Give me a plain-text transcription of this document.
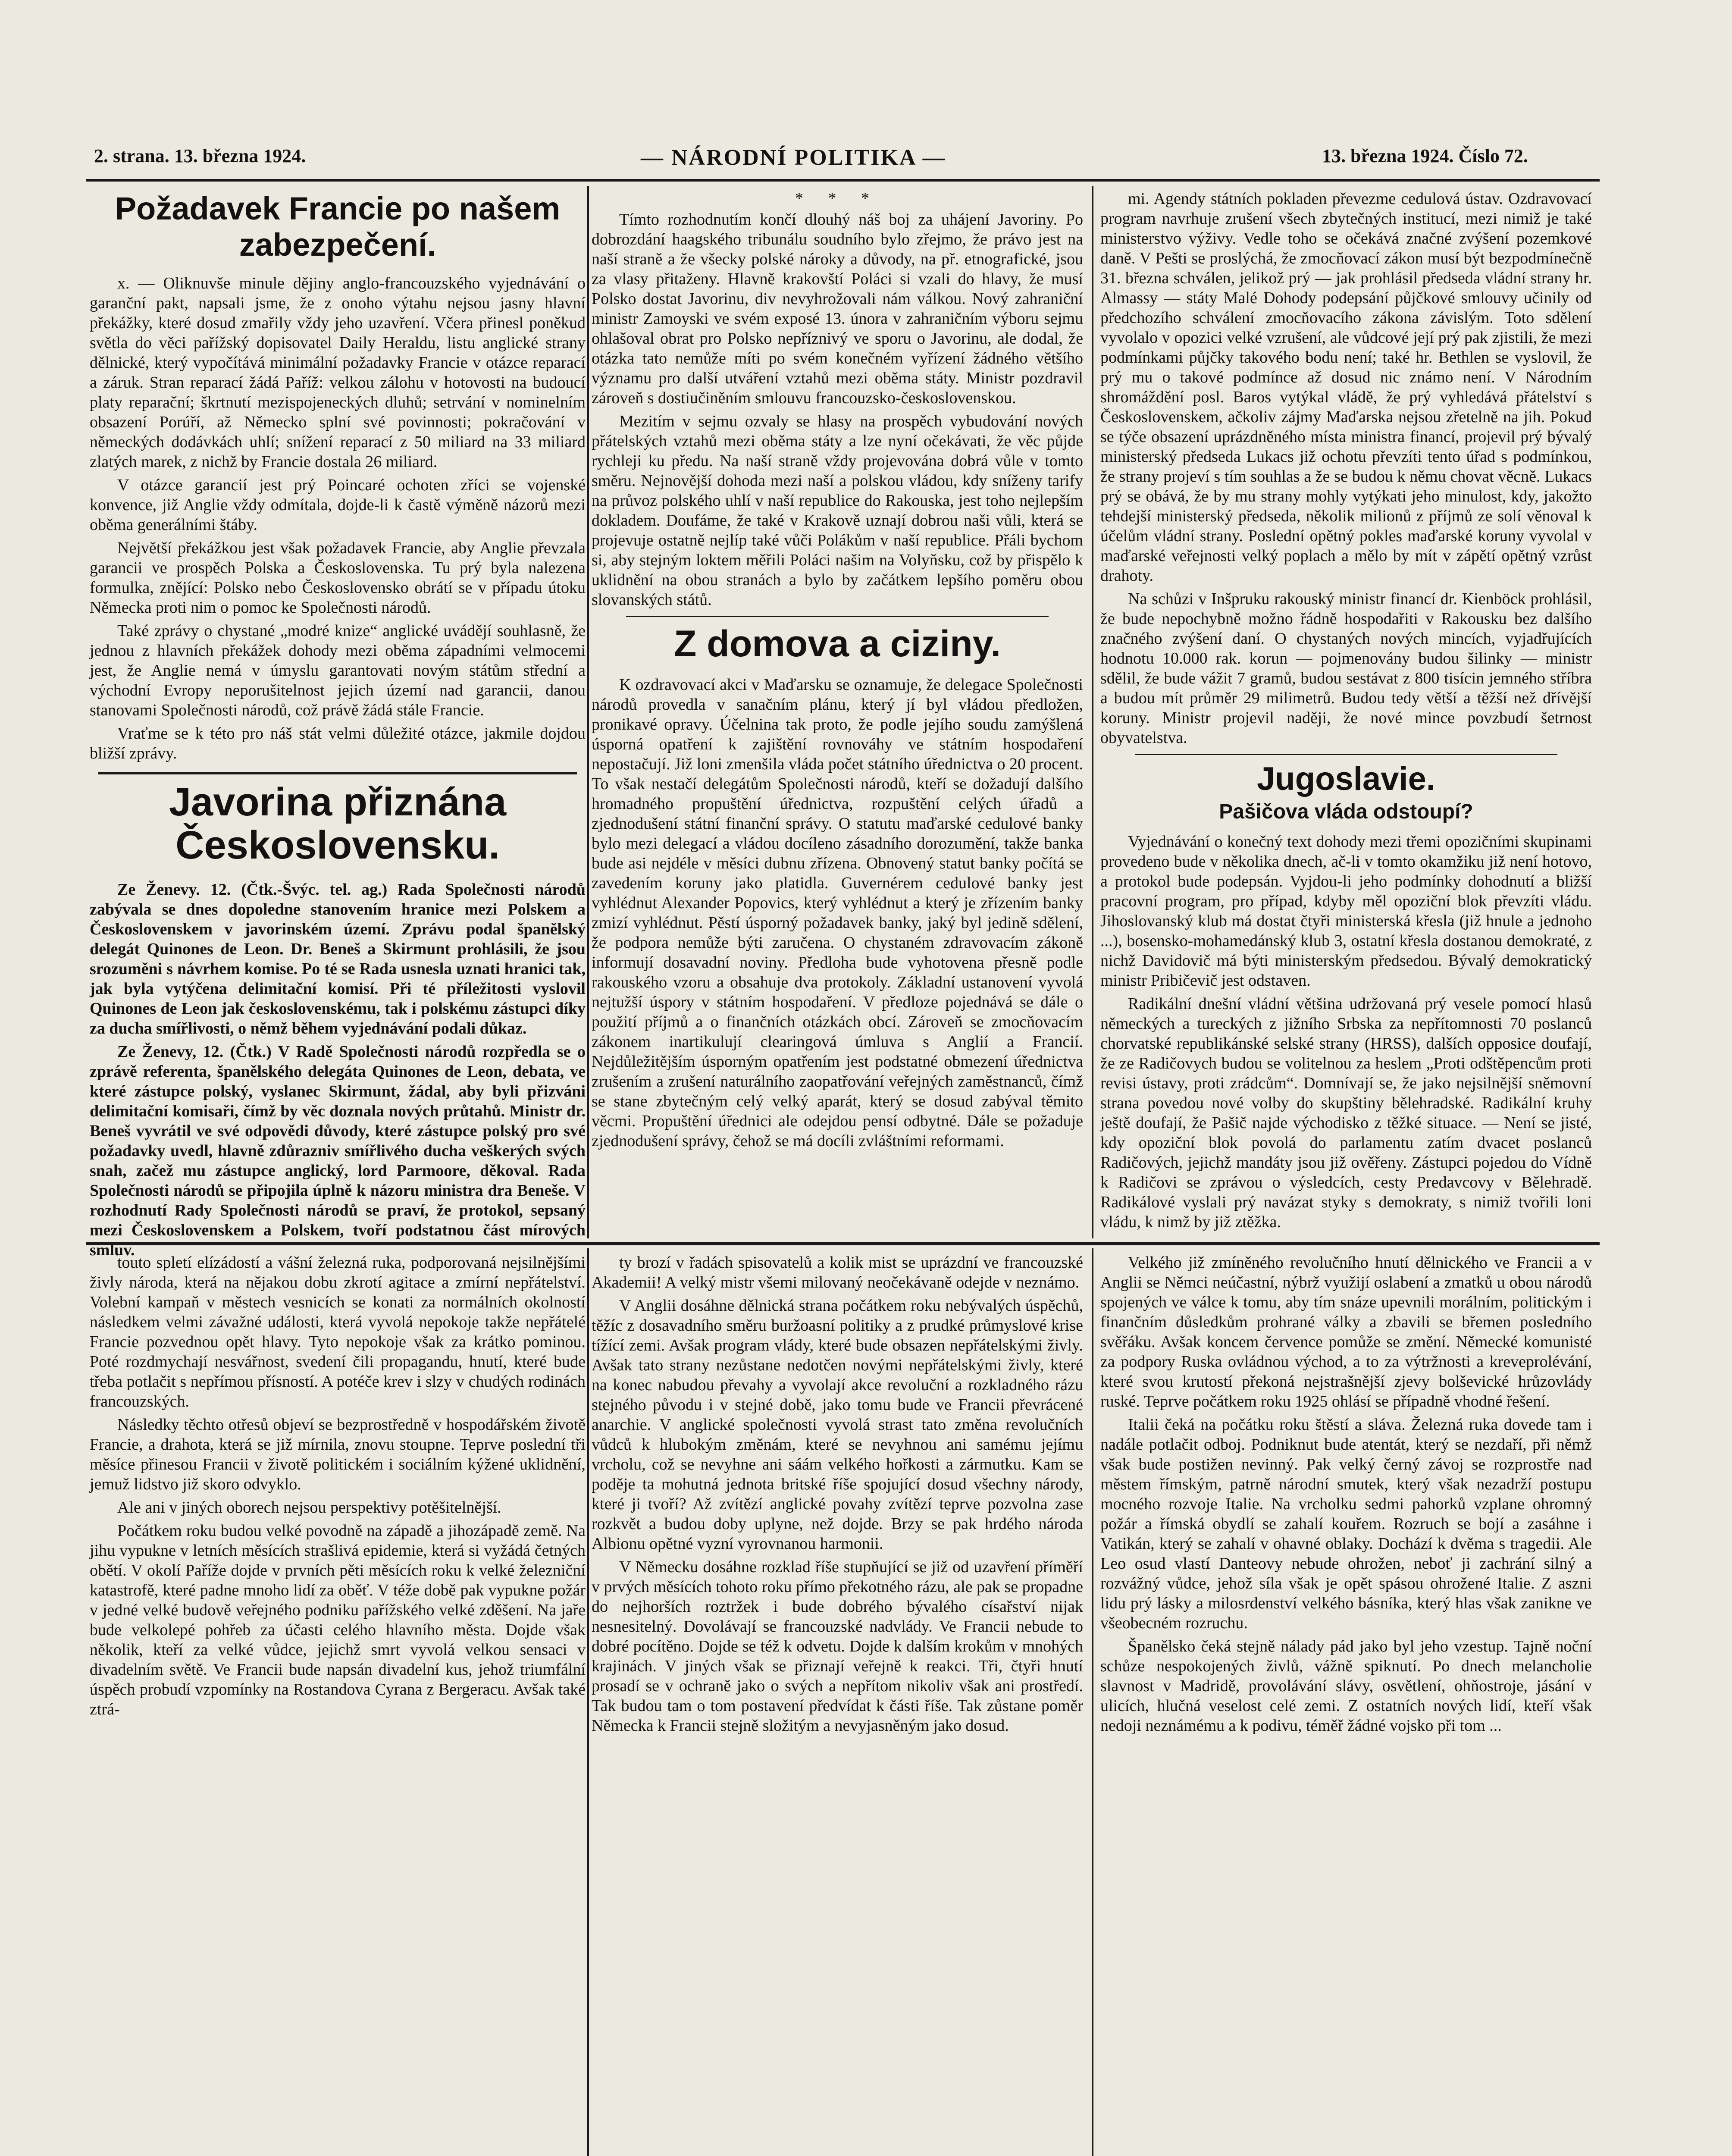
2. strana. 13. března 1924.	— NÁRODNÍ POLITIKA —	13. března 1924. Číslo 72.
Požadavek Francie po našem zabezpečení.

x. — Oliknuvše minule dějiny anglo-francouzského vyjednávání o garanční pakt, napsali jsme, že z onoho výtahu nejsou jasny hlavní překážky, které dosud zmařily vždy jeho uzavření. Včera přinesl poněkud světla do věci pařížský dopisovatel Daily Heraldu, listu anglické strany dělnické, který vypočítává minimální požadavky Francie v otázce reparací a záruk. Stran reparací žádá Paříž: velkou zálohu v hotovosti na budoucí platy reparační; škrtnutí mezispojeneckých dluhů; setrvání v nominelním obsazení Porúří, až Německo splní své povinnosti; pokračování v německých dodávkách uhlí; snížení reparací z 50 miliard na 33 miliard zlatých marek, z nichž by Francie dostala 26 miliard.

V otázce garancií jest prý Poincaré ochoten zříci se vojenské konvence, již Anglie vždy odmítala, dojde-li k častě výměně názorů mezi oběma generálními štáby.

Největší překážkou jest však požadavek Francie, aby Anglie převzala garancii ve prospěch Polska a Československa. Tu prý byla nalezena formulka, znějící: Polsko nebo Československo obrátí se v případu útoku Německa proti nim o pomoc ke Společnosti národů.

Také zprávy o chystané „modré knize“ anglické uvádějí souhlasně, že jednou z hlavních překážek dohody mezi oběma západními velmocemi jest, že Anglie nemá v úmyslu garantovati novým státům střední a východní Evropy neporušitelnost jejich území nad garancii, danou stanovami Společnosti národů, což právě žádá stále Francie.

Vraťme se k této pro náš stát velmi důležité otázce, jakmile dojdou bližší zprávy.

Javorina přiznána Československu.

Ze Ženevy. 12. (Čtk.-Švýc. tel. ag.) Rada Společnosti národů zabývala se dnes dopoledne stanovením hranice mezi Polskem a Československem v javorinském území. Zprávu podal španělský delegát Quinones de Leon. Dr. Beneš a Skirmunt prohlásili, že jsou srozuměni s návrhem komise. Po té se Rada usnesla uznati hranici tak, jak byla vytýčena delimitační komisí. Při té příležitosti vyslovil Quinones de Leon jak československému, tak i polskému zástupci díky za ducha smířlivosti, o němž během vyjednávání podali důkaz.

Ze Ženevy, 12. (Čtk.) V Radě Společnosti národů rozpředla se o zprávě referenta, španělského delegáta Quinones de Leon, debata, ve které zástupce polský, vyslanec Skirmunt, žádal, aby byli přizváni delimitační komisaři, čímž by věc doznala nových průtahů. Ministr dr. Beneš vyvrátil ve své odpovědi důvody, které zástupce polský pro své požadavky uvedl, hlavně zdůrazniv smířlivého ducha veškerých svých snah, začež mu zástupce anglický, lord Parmoore, děkoval. Rada Společnosti národů se připojila úplně k názoru ministra dra Beneše. V rozhodnutí Rady Společnosti národů se praví, že protokol, sepsaný mezi Československem a Polskem, tvoří podstatnou část mírových smluv.

* * *

Tímto rozhodnutím končí dlouhý náš boj za uhájení Javoriny. Po dobrozdání haagského tribunálu soudního bylo zřejmo, že právo jest na naší straně a že všecky polské nároky a důvody, na př. etnografické, jsou za vlasy přitaženy. Hlavně krakovští Poláci si vzali do hlavy, že musí Polsko dostat Javorinu, div nevyhrožovali nám válkou. Nový zahraniční ministr Zamoyski ve svém exposé 13. února v zahraničním výboru sejmu ohlašoval obrat pro Polsko nepříznivý ve sporu o Javorinu, ale dodal, že otázka tato nemůže míti po svém konečném vyřízení žádného většího významu pro další utváření vztahů mezi oběma státy. Ministr pozdravil zároveň s dostiučiněním smlouvu francouzsko-československou.

Mezitím v sejmu ozvaly se hlasy na prospěch vybudování nových přátelských vztahů mezi oběma státy a lze nyní očekávati, že věc půjde rychleji ku předu. Na naší straně vždy projevována dobrá vůle v tomto směru. Nejnovější dohoda mezi naší a polskou vládou, kdy sníženy tarify na průvoz polského uhlí v naší republice do Rakouska, jest toho nejlepším dokladem. Doufáme, že také v Krakově uznají dobrou naši vůli, která se projevuje ostatně nejlíp také vůči Polákům v naší republice. Přáli bychom si, aby stejným loktem měřili Poláci našim na Volyňsku, což by přispělo k uklidnění na obou stranách a bylo by začátkem lepšího poměru obou slovanských států.

Z domova a ciziny.

K ozdravovací akci v Maďarsku se oznamuje, že delegace Společnosti národů provedla v sanačním plánu, který jí byl vládou předložen, pronikavé opravy. Účelnina tak proto, že podle jejího soudu zamýšlená úsporná opatření k zajištění rovnováhy ve státním hospodaření nepostačují. Již loni zmenšila vláda počet státního úřednictva o 20 procent. To však nestačí delegátům Společnosti národů, kteří se dožadují dalšího hromadného propuštění úřednictva, rozpuštění celých úřadů a zjednodušení státní finanční správy. O statutu maďarské cedulové banky bylo mezi delegací a vládou docíleno zásadního dorozumění, takže banka bude asi nejdéle v měsíci dubnu zřízena. Obnovený statut banky počítá se zavedením koruny jako platidla. Guvernérem cedulové banky jest vyhlédnut Alexander Popovics, který vyhlédnut a který je zřízením banky zmizí vyhlédnut. Pěstí úsporný požadavek banky, jaký byl jedině sdělení, že podpora nemůže býti zaručena. O chystaném zdravovacím zákoně informují dosavadní noviny. Předloha bude vyhotovena přesně podle rakouského vzoru a obsahuje dva protokoly. Základní ustanovení vyvolá nejtužší úspory v státním hospodaření. V předloze pojednává se dále o použití příjmů a o finančních otázkách obcí. Zároveň se zmocňovacím zákonem inartikulují clearingová úmluva s Anglií a Francií. Nejdůležitějším úsporným opatřením jest podstatné obmezení úřednictva zrušením a zrušení naturálního zaopatřování veřejných zaměstnanců, čímž se stane zbytečným celý velký aparát, který se dosud zabýval těmito věcmi. Propuštění úřednici ale odejdou pensí odbytné. Dále se požaduje zjednodušení správy, čehož se má docíli zvláštními reformami.

mi. Agendy státních pokladen převezme cedulová ústav. Ozdravovací program navrhuje zrušení všech zbytečných institucí, mezi nimiž je také ministerstvo výživy. Vedle toho se očekává značné zvýšení pozemkové daně. V Pešti se proslýchá, že zmocňovací zákon musí být bezpodmínečně 31. března schválen, jelikož prý — jak prohlásil předseda vládní strany hr. Almassy — státy Malé Dohody podepsání půjčkové smlouvy učinily od předchozího schválení zmocňovacího zákona závislým. Toto sdělení vyvolalo v opozici velké vzrušení, ale vůdcové její prý pak zjistili, že mezi podmínkami půjčky takového bodu není; také hr. Bethlen se vyslovil, že prý mu o takové podmínce až dosud nic známo není. V Národním shromáždění posl. Baros vytýkal vládě, že prý vyhledává přátelství s Československem, ačkoliv zájmy Maďarska nejsou zřetelně na jih. Pokud se týče obsazení uprázdněného místa ministra financí, projevil prý bývalý ministerský předseda Lukacs již ochotu převzíti tento úřad s podmínkou, že strany projeví s tím souhlas a že se budou k němu chovat věcně. Lukacs prý se obává, že by mu strany mohly vytýkati jeho minulost, kdy, jakožto tehdejší ministerský předseda, několik milionů z příjmů ze solí věnoval k účelům vládní strany. Poslední opětný pokles maďarské koruny vyvolal v maďarské veřejnosti velký poplach a mělo by mít v zápětí opětný vzrůst drahoty.

Na schůzi v Inšpruku rakouský ministr financí dr. Kienböck prohlásil, že bude nepochybně možno řádně hospodařiti v Rakousku bez dalšího značného zvýšení daní. O chystaných nových mincích, vyjadřujících hodnotu 10.000 rak. korun — pojmenovány budou šilinky — ministr sdělil, že bude vážit 7 gramů, budou sestávat z 800 tisícin jemného stříbra a budou mít průměr 29 milimetrů. Budou tedy větší a těžší než dřívější koruny. Ministr projevil naději, že nové mince povzbudí šetrnost obyvatelstva.

Jugoslavie.
Pašičova vláda odstoupí?

Vyjednávání o konečný text dohody mezi třemi opozičními skupinami provedeno bude v několika dnech, ač-li v tomto okamžiku již není hotovo, a protokol bude podepsán. Vyjdou-li jeho podmínky dohodnutí a bližší pracovní program, pro případ, kdyby měl opoziční blok převzíti vládu. Jihoslovanský klub má dostat čtyři ministerská křesla (již hnule a jednoho ...), bosensko-mohamedánský klub 3, ostatní křesla dostanou demokraté, z nichž Davidovič má býti ministerským předsedou. Bývalý demokratický ministr Pribičevič jest odstaven.

Radikální dnešní vládní většina udržovaná prý vesele pomocí hlasů německých a tureckých z jižního Srbska za nepřítomnosti 70 poslanců chorvatské republikánské selské strany (HRSS), dalších opposice doufají, že ze Radičovych budou se volitelnou za heslem „Proti odštěpencům proti revisi ústavy, proti zrádcům“. Domnívají se, že jako nejsilnější sněmovní strana povedou nové volby do skupštiny bělehradské. Radikální kruhy ještě doufají, že Pašič najde východisko z těžké situace. — Není se jisté, kdy opoziční blok povolá do parlamentu zatím dvacet poslanců Radičových, jejichž mandáty jsou již ověřeny. Zástupci pojedou do Vídně k Radičovi se zprávou o výsledcích, cesty Predavcovy v Bělehradě. Radikálové vyslali prý navázat styky s demokraty, s nimiž tvořili loni vládu, k nimž by již ztěžka.

touto spletí elízádostí a vášní železná ruka, podporovaná nejsilnějšími živly národa, která na nějakou dobu zkrotí agitace a zmírní nepřátelství. Volební kampaň v městech vesnicích se konati za normálních okolností následkem velmi závažné události, která vyvolá nepokoje takže nepřátelé Francie pozvednou opět hlavy. Tyto nepokoje však za krátko pominou. Poté rozdmychají nesvářnost, svedení čili propagandu, hnutí, které bude třeba potlačit s nepřímou přísností. A potéče krev i slzy v chudých rodinách francouzských.

Následky těchto otřesů objeví se bezprostředně v hospodářském životě Francie, a drahota, která se již mírnila, znovu stoupne. Teprve poslední tři měsíce přinesou Francii v životě politickém i sociálním kýžené uklidnění, jemuž lidstvo již skoro odvyklo.

Ale ani v jiných oborech nejsou perspektivy potěšitelnější.

Počátkem roku budou velké povodně na západě a jihozápadě země. Na jihu vypukne v letních měsících strašlivá epidemie, která si vyžádá četných obětí. V okolí Paříže dojde v prvních pěti měsících roku k velké železniční katastrofě, které padne mnoho lidí za oběť. V téže době pak vypukne požár v jedné velké budově veřejného podniku pařížského velké zděšení. Na jaře bude velkolepé pohřeb za účasti celého hlavního města. Dojde však několik, kteří za velké vůdce, jejichž smrt vyvolá velkou sensaci v divadelním světě. Ve Francii bude napsán divadelní kus, jehož triumfální úspěch probudí vzpomínky na Rostandova Cyrana z Bergeracu. Avšak také ztrá-

ty brozí v řadách spisovatelů a kolik mist se uprázdní ve francouzské Akademii! A velký mistr všemi milovaný neočekávaně odejde v neznámo.

V Anglii dosáhne dělnická strana počátkem roku nebývalých úspěchů, těžíc z dosavadního směru buržoasní politiky a z prudké průmyslové krise tížící zemi. Avšak program vlády, které bude obsazen nepřátelskými živly. Avšak tato strany nezůstane nedotčen novými nepřátelskými živly, které na konec nabudou převahy a vyvolají akce revoluční a rozkladného rázu stejného původu i v stejné době, jako tomu bude ve Francii převrácené anarchie. V anglické společnosti vyvolá strast tato změna revolučních vůdců k hlubokým změnám, které se nevyhnou ani samému jejímu vrcholu, což se nevyhne ani sáám velkého hořkosti a zármutku. Kam se poděje ta mohutná jednota britské říše spojující dosud všechny národy, které ji tvoří? Až zvítězí anglické povahy zvítězí teprve pozvolna zase rozkvět a budou doby uplyne, než dojde. Brzy se pak hrdého národa Albionu opětné vyzní vyrovnanou harmonii.

V Německu dosáhne rozklad říše stupňující se již od uzavření příměří v prvých měsících tohoto roku přímo překotného rázu, ale pak se propadne do nejhorších roztržek i bude dobrého bývalého císařství nijak nesnesitelný. Dovolávají se francouzské nadvlády. Ve Francii nebude to dobré pocítěno. Dojde se též k odvetu. Dojde k dalším krokům v mnohých krajinách. V jiných však se přiznají veřejně k reakci. Tři, čtyři hnutí prosadí se v ochraně jako o svých a nepřítom nikoliv však ani prostředí. Tak budou tam o tom postavení předvídat k části říše. Tak zůstane poměr Německa k Francii stejně složitým a nevyjasněným jako dosud.

Velkého již zmíněného revolučního hnutí dělnického ve Francii a v Anglii se Němci neúčastní, nýbrž využijí oslabení a zmatků u obou národů spojených ve válce k tomu, aby tím snáze upevnili morálním, politickým i finančním důsledkům prohrané války a zbavili se břemen posledního svěřáku. Avšak koncem července pomůže se změní. Německé komunisté za podpory Ruska ovládnou východ, a to za výtržnosti a kreveprolévání, které svou krutostí překoná nejstrašnější zjevy bolševické hrůzovlády ruské. Teprve počátkem roku 1925 ohlásí se případně vhodné řešení.

Italii čeká na počátku roku štěstí a sláva. Železná ruka dovede tam i nadále potlačit odboj. Podniknut bude atentát, který se nezdaří, při němž však bude postižen nevinný. Pak velký černý závoj se rozprostře nad městem římským, patrně národní smutek, který však nezadrží postupu mocného rozvoje Italie. Na vrcholku sedmi pahorků vzplane ohromný požár a římská obydlí se zahalí kouřem. Rozruch se bojí a zasáhne i Vatikán, který se zahalí v ohavné oblaky. Dochází k dvěma s tragedii. Ale Leo osud vlastí Danteovy nebude ohrožen, neboť ji zachrání silný a rozvážný vůdce, jehož síla však je opět spásou ohrožené Italie. Z aszni lidu prý lásky a milosrdenství velkého básníka, který hlas však zanikne ve všeobecném rozruchu.

Španělsko čeká stejně nálady pád jako byl jeho vzestup. Tajně noční schůze nespokojených živlů, vážně spiknutí. Po dnech melancholie slavnost v Madridě, provolávání slávy, osvětlení, ohňostroje, jásání v ulicích, hlučná veselost celé zemi. Z ostatních nových lidí, kteří však nedoji neznámému a k podivu, téměř žádné vojsko při tom ...
